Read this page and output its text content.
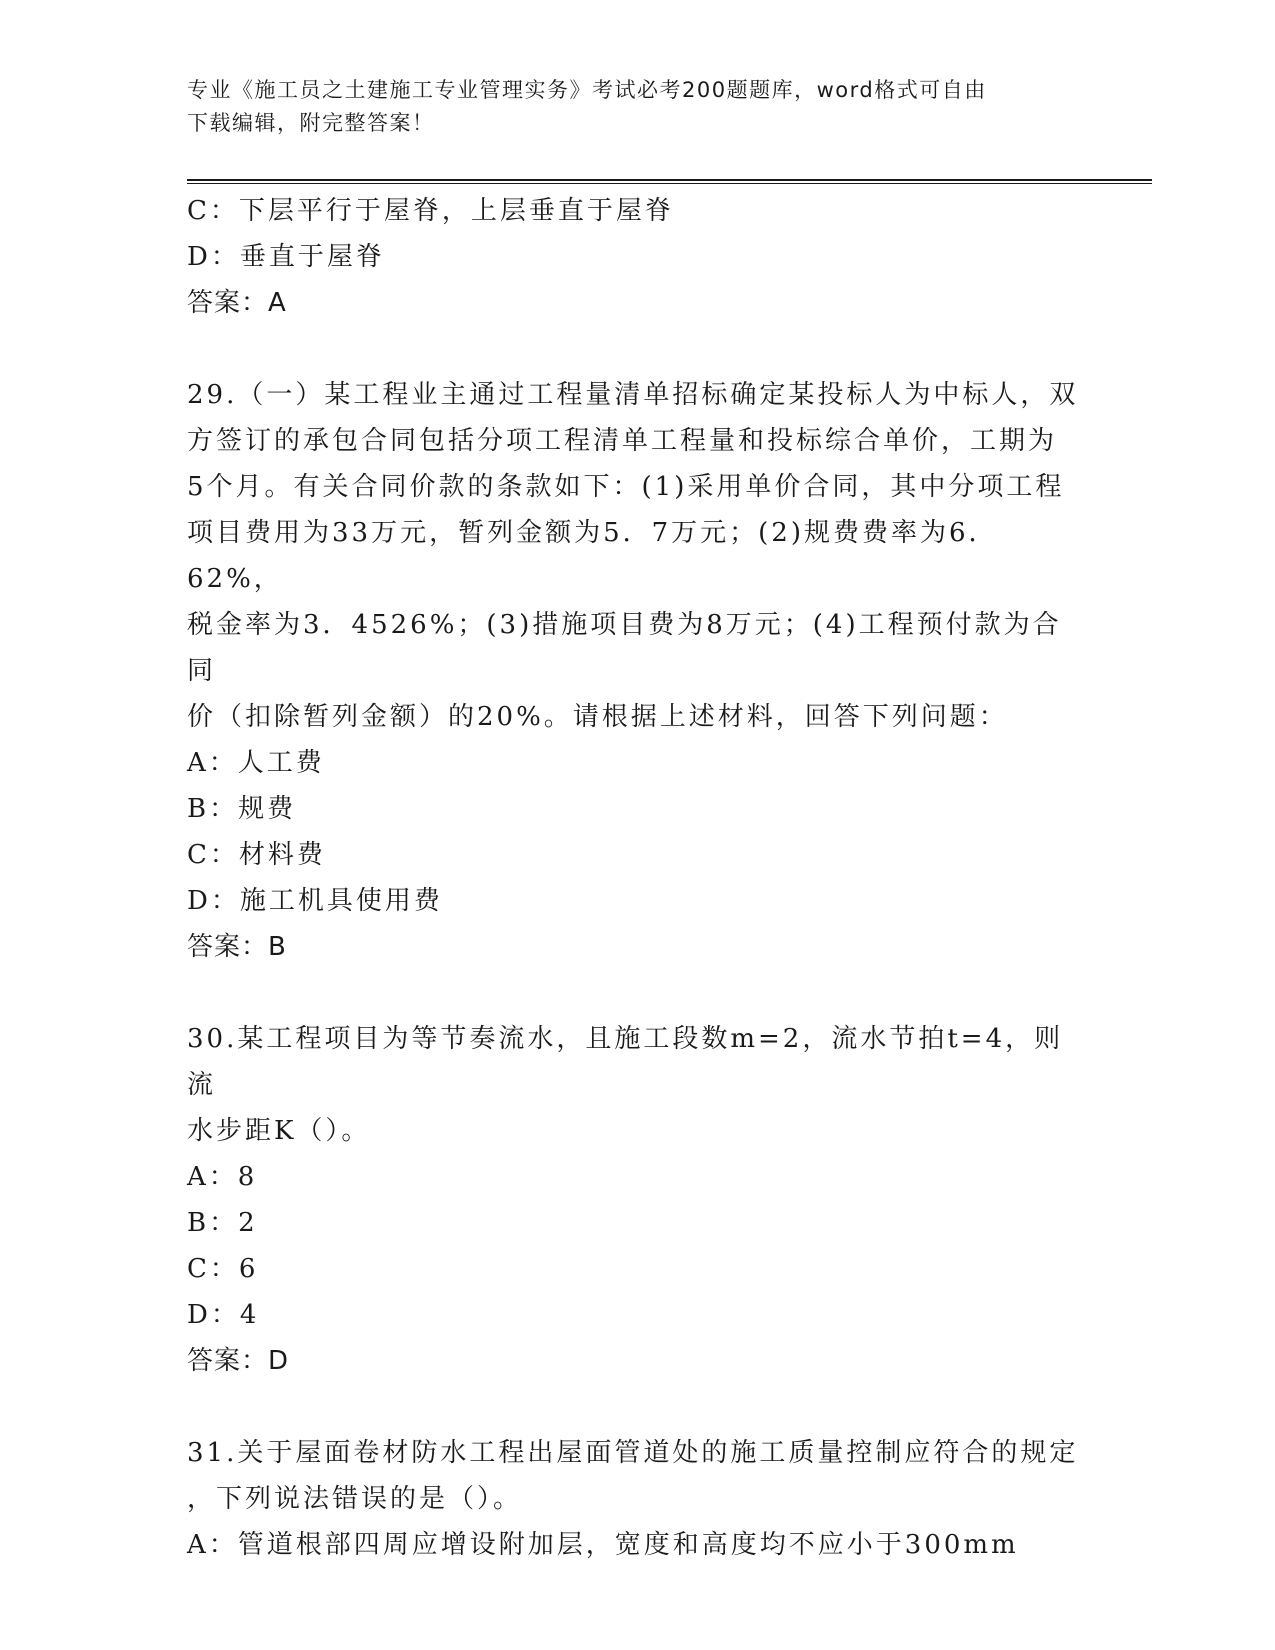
专业《施工员之土建施工专业管理实务》考试必考200题题库，word格式可自由
下载编辑，附完整答案！

C：下层平行于屋脊，上层垂直于屋脊

D：垂直于屋脊

答案：A

29.（一）某工程业主通过工程量清单招标确定某投标人为中标人，双

方签订的承包合同包括分项工程清单工程量和投标综合单价，工期为

5个月。有关合同价款的条款如下：(1)采用单价合同，其中分项工程

项目费用为33万元，暂列金额为5．7万元；(2)规费费率为6．62%，

税金率为3．4526%；(3)措施项目费为8万元；(4)工程预付款为合同

价（扣除暂列金额）的20%。请根据上述材料，回答下列问题：

A：人工费

B：规费

C：材料费

D：施工机具使用费

答案：B

30.某工程项目为等节奏流水，且施工段数m=2，流水节拍t=4，则流

水步距K（）。

A：8

B：2

C：6

D：4

答案：D

31.关于屋面卷材防水工程出屋面管道处的施工质量控制应符合的规定

，下列说法错误的是（）。

A：管道根部四周应增设附加层，宽度和高度均不应小于300mm
